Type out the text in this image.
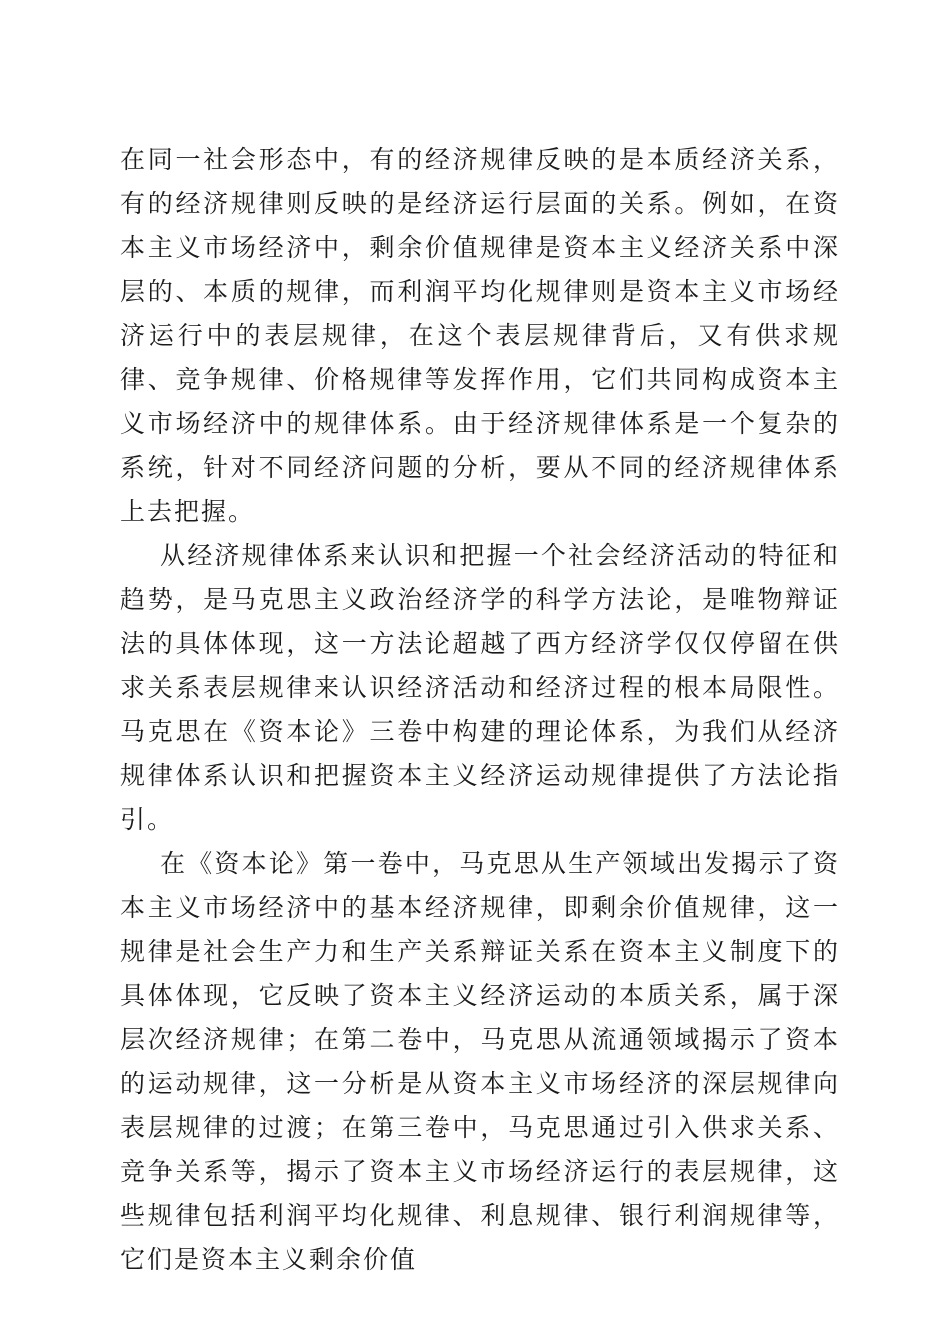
在同一社会形态中，有的经济规律反映的是本质经济关系，有的经济规律则反映的是经济运行层面的关系。例如，在资本主义市场经济中，剩余价值规律是资本主义经济关系中深层的、本质的规律，而利润平均化规律则是资本主义市场经济运行中的表层规律，在这个表层规律背后，又有供求规律、竞争规律、价格规律等发挥作用，它们共同构成资本主义市场经济中的规律体系。由于经济规律体系是一个复杂的系统，针对不同经济问题的分析，要从不同的经济规律体系上去把握。

从经济规律体系来认识和把握一个社会经济活动的特征和趋势，是马克思主义政治经济学的科学方法论，是唯物辩证法的具体体现，这一方法论超越了西方经济学仅仅停留在供求关系表层规律来认识经济活动和经济过程的根本局限性。马克思在《资本论》三卷中构建的理论体系，为我们从经济规律体系认识和把握资本主义经济运动规律提供了方法论指引。

在《资本论》第一卷中，马克思从生产领域出发揭示了资本主义市场经济中的基本经济规律，即剩余价值规律，这一规律是社会生产力和生产关系辩证关系在资本主义制度下的具体体现，它反映了资本主义经济运动的本质关系，属于深层次经济规律；在第二卷中，马克思从流通领域揭示了资本的运动规律，这一分析是从资本主义市场经济的深层规律向表层规律的过渡；在第三卷中，马克思通过引入供求关系、竞争关系等，揭示了资本主义市场经济运行的表层规律，这些规律包括利润平均化规律、利息规律、银行利润规律等，它们是资本主义剩余价值
